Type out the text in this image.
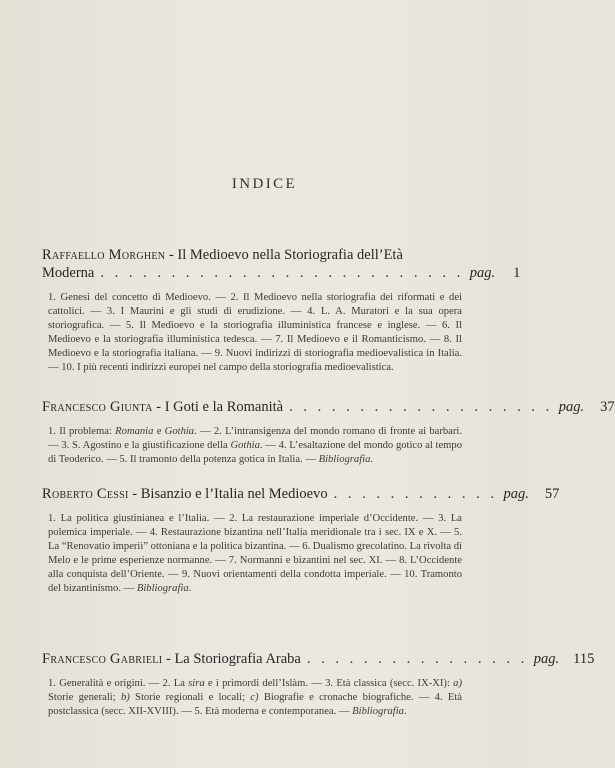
INDICE
Raffaello Morghen - Il Medioevo nella Storiografia dell’Età
Moderna . . . . . . . . . . . . . . . . . . . . . . . . . . pag. 1
1. Genesi del concetto di Medioevo. — 2. Il Medioevo nella storiografia dei riformati e dei cattolici. — 3. I Maurini e gli studi di erudizione. — 4. L. A. Muratori e la sua opera storiografica. — 5. Il Medioevo e la storiografia illuministica francese e inglese. — 6. Il Medioevo e la storiografia illuministica tedesca. — 7. Il Medioevo e il Romanticismo. — 8. Il Medioevo e la storiografia italiana. — 9. Nuovi indirizzi di storiografia medioevalistica in Italia. — 10. I più recenti indirizzi europei nel campo della storiografia medioevalistica.
Francesco Giunta - I Goti e la Romanità . . . . . . . . . . . . . . . . . . . pag. 37
1. Il problema: Romania e Gothia. — 2. L’intransigenza del mondo romano di fronte ai barbari. — 3. S. Agostino e la giustificazione della Gothia. — 4. L’esaltazione del mondo gotico al tempo di Teoderico. — 5. Il tramonto della potenza gotica in Italia. — Bibliografia.
Roberto Cessi - Bisanzio e l’Italia nel Medioevo . . . . . . . . . . . . pag. 57
1. La politica giustinianea e l’Italia. — 2. La restaurazione imperiale d’Occidente. — 3. La polemica imperiale. — 4. Restaurazione bizantina nell’Italia meridionale tra i sec. IX e X. — 5. La “Renovatio imperii” ottoniana e la politica bizantina. — 6. Dualismo grecolatino. La rivolta di Melo e le prime esperienze normanne. — 7. Normanni e bizantini nel sec. XI. — 8. L’Occidente alla conquista dell’Oriente. — 9. Nuovi orientamenti della condotta imperiale. — 10. Tramonto del bizantinismo. — Bibliografia.
Francesco Gabrieli - La Storiografia Araba . . . . . . . . . . . . . . . . pag. 115
1. Generalità e origini. — 2. La sira e i primordi dell’Islàm. — 3. Età classica (secc. IX-XI): a) Storie generali; b) Storie regionali e locali; c) Biografie e cronache biografiche. — 4. Età postclassica (secc. XII-XVIII). — 5. Età moderna e contemporanea. — Bibliografia.
